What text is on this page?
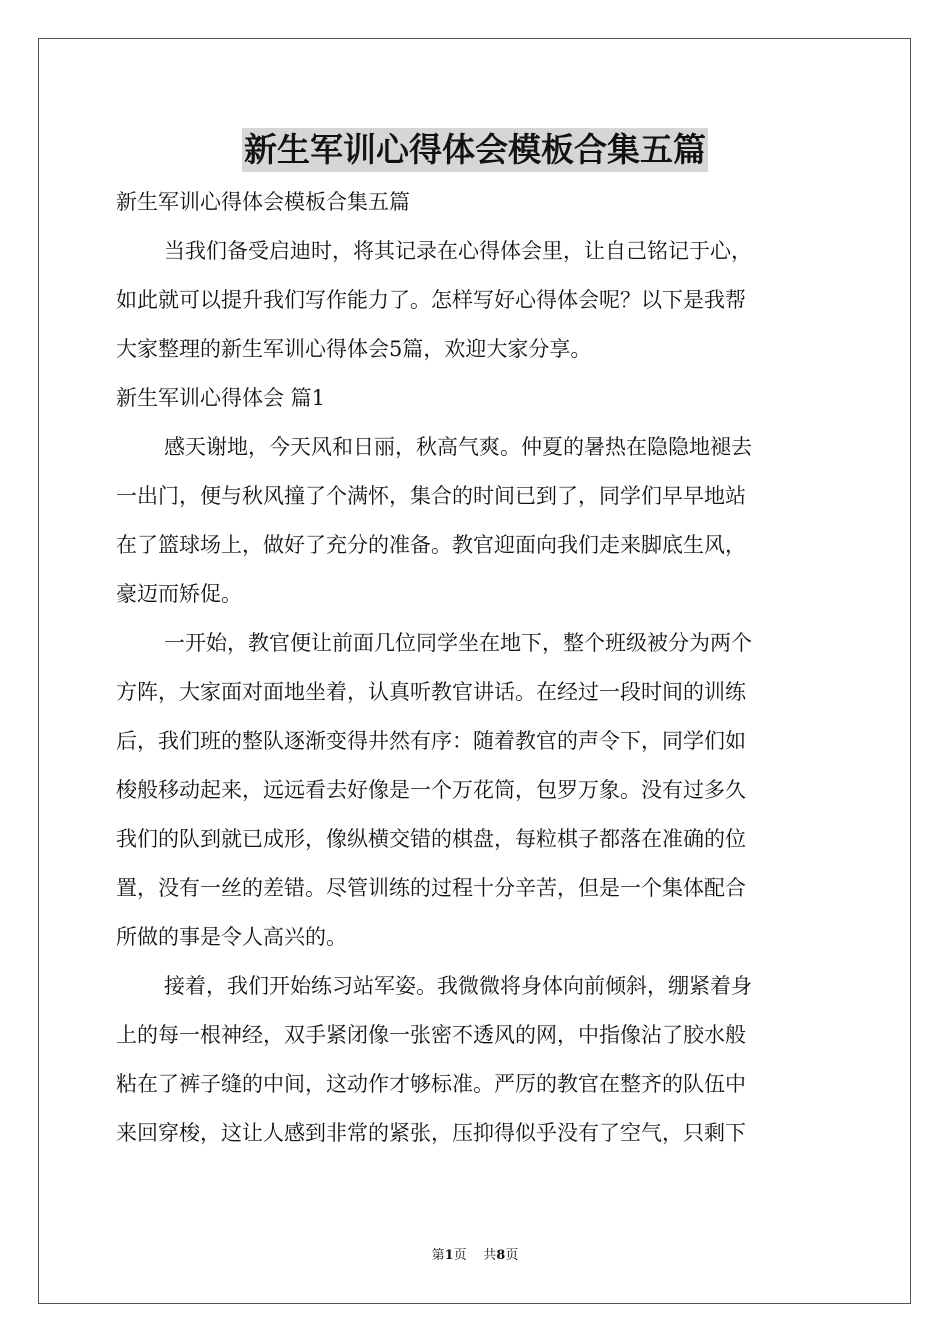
新生军训心得体会模板合集五篇
新生军训心得体会模板合集五篇
当我们备受启迪时，将其记录在心得体会里，让自己铭记于心，
如此就可以提升我们写作能力了。怎样写好心得体会呢？以下是我帮
大家整理的新生军训心得体会5篇，欢迎大家分享。
新生军训心得体会 篇1
感天谢地，今天风和日丽，秋高气爽。仲夏的暑热在隐隐地褪去
一出门，便与秋风撞了个满怀，集合的时间已到了，同学们早早地站
在了篮球场上，做好了充分的准备。教官迎面向我们走来脚底生风，
豪迈而矫促。
一开始，教官便让前面几位同学坐在地下，整个班级被分为两个
方阵，大家面对面地坐着，认真听教官讲话。在经过一段时间的训练
后，我们班的整队逐渐变得井然有序：随着教官的声令下，同学们如
梭般移动起来，远远看去好像是一个万花筒，包罗万象。没有过多久
我们的队到就已成形，像纵横交错的棋盘，每粒棋子都落在准确的位
置，没有一丝的差错。尽管训练的过程十分辛苦，但是一个集体配合
所做的事是令人高兴的。
接着，我们开始练习站军姿。我微微将身体向前倾斜，绷紧着身
上的每一根神经，双手紧闭像一张密不透风的网，中指像沾了胶水般
粘在了裤子缝的中间，这动作才够标准。严厉的教官在整齐的队伍中
来回穿梭，这让人感到非常的紧张，压抑得似乎没有了空气，只剩下
第1页 共8页
